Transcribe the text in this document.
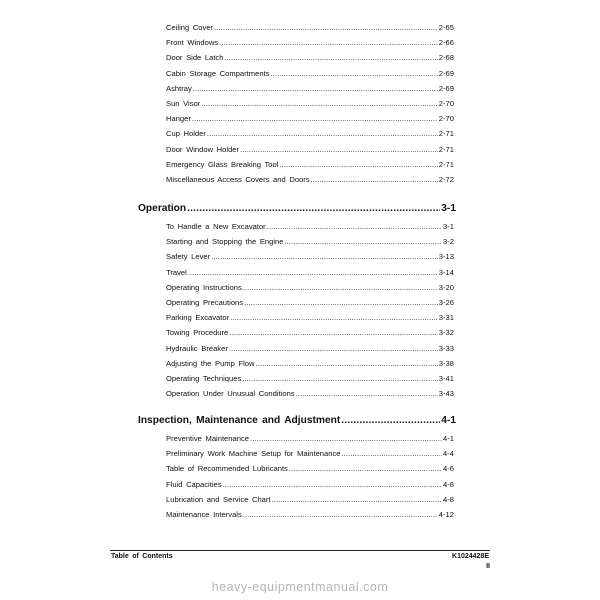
Ceiling Cover .....	2-65
Front Windows .....	2-66
Door Side Latch .....	2-68
Cabin Storage Compartments .....	2-69
Ashtray .....	2-69
Sun Visor .....	2-70
Hanger .....	2-70
Cup Holder .....	2-71
Door Window Holder .....	2-71
Emergency Glass Breaking Tool .....	2-71
Miscellaneous Access Covers and Doors .....	2-72
Operation .....	3-1
To Handle a New Excavator .....	3-1
Starting and Stopping the Engine .....	3-2
Safety Lever .....	3-13
Travel .....	3-14
Operating Instructions .....	3-20
Operating Precautions .....	3-26
Parking Excavator .....	3-31
Towing Procedure .....	3-32
Hydraulic Breaker .....	3-33
Adjusting the Pump Flow .....	3-38
Operating Techniques .....	3-41
Operation Under Unusual Conditions .....	3-43
Inspection, Maintenance and Adjustment .....	4-1
Preventive Maintenance .....	4-1
Preliminary Work Machine Setup for Maintenance .....	4-4
Table of Recommended Lubricants .....	4-6
Fluid Capacities .....	4-8
Lubrication and Service Chart .....	4-8
Maintenance Intervals .....	4-12
Table of Contents	K1024428E
II
heavy-equipmentmanual.com
